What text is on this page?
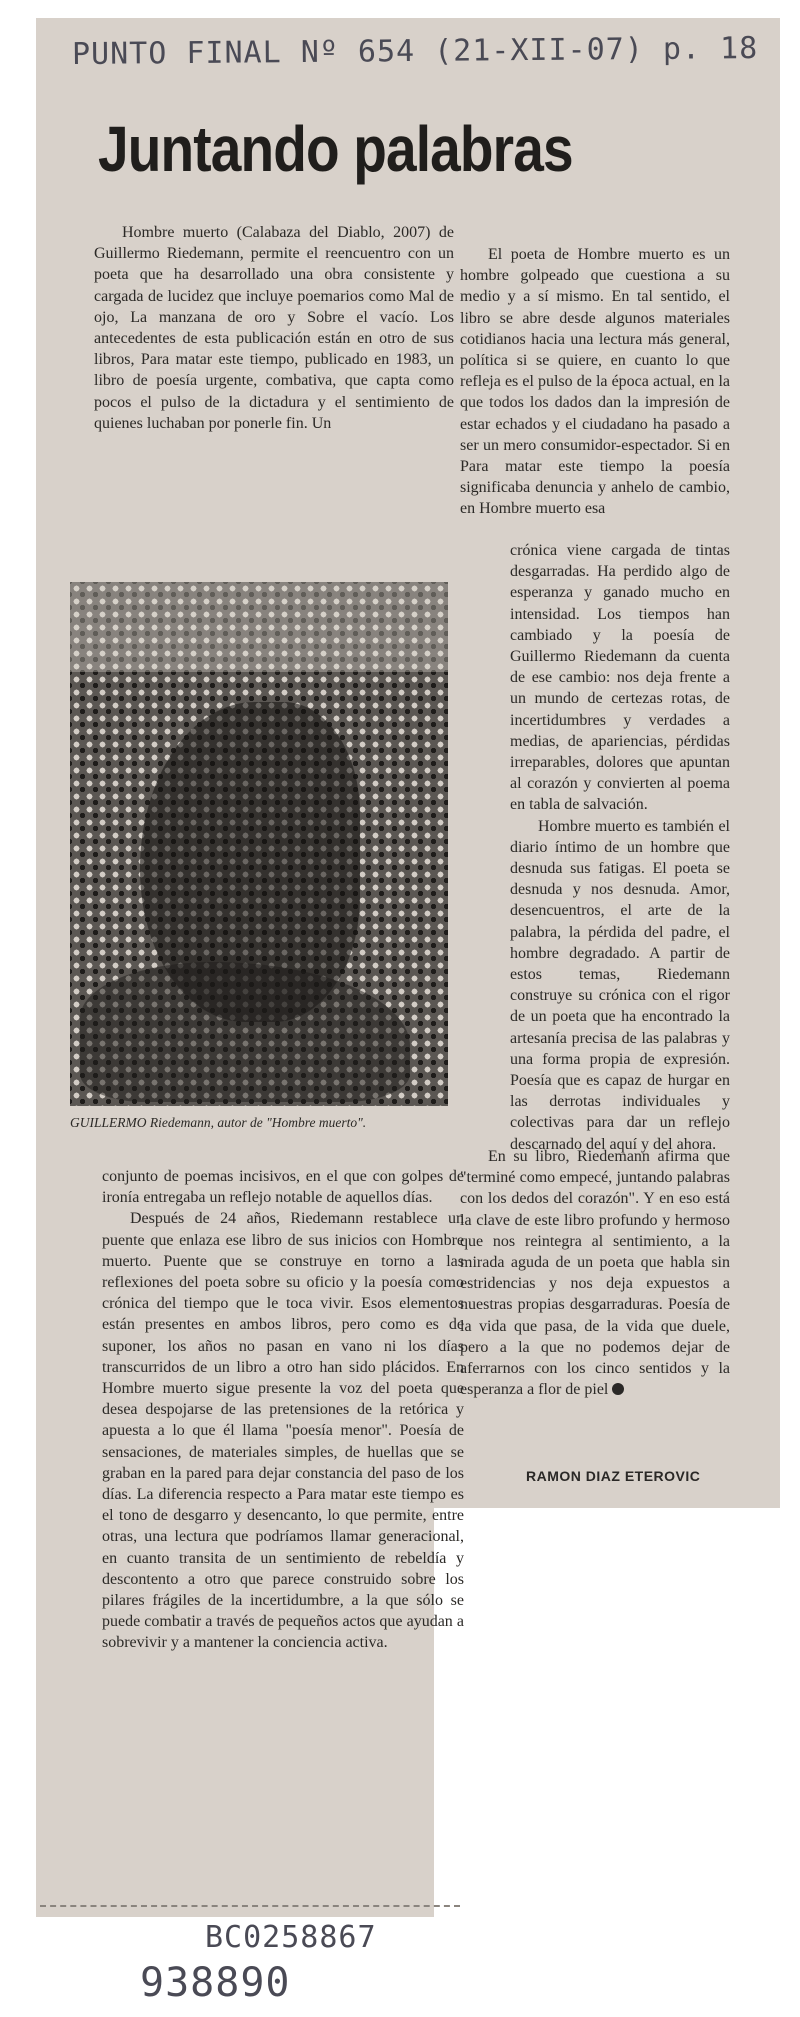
PUNTO FINAL Nº 654 (21-XII-07) p. 18
Juntando palabras

Hombre muerto (Calabaza del Diablo, 2007) de Guillermo Riedemann, permite el reencuentro con un poeta que ha desarrollado una obra consistente y cargada de lucidez que incluye poemarios como Mal de ojo, La manzana de oro y Sobre el vacío. Los antecedentes de esta publicación están en otro de sus libros, Para matar este tiempo, publicado en 1983, un libro de poesía urgente, combativa, que capta como pocos el pulso de la dictadura y el sentimiento de quienes luchaban por ponerle fin. Un

El poeta de Hombre muerto es un hombre golpeado que cuestiona a su medio y a sí mismo. En tal sentido, el libro se abre desde algunos materiales cotidianos hacia una lectura más general, política si se quiere, en cuanto lo que refleja es el pulso de la época actual, en la que todos los dados dan la impresión de estar echados y el ciudadano ha pasado a ser un mero consumidor-espectador. Si en Para matar este tiempo la poesía significaba denuncia y anhelo de cambio, en Hombre muerto esa

crónica viene cargada de tintas desgarradas. Ha perdido algo de esperanza y ganado mucho en intensidad. Los tiempos han cambiado y la poesía de Guillermo Riedemann da cuenta de ese cambio: nos deja frente a un mundo de certezas rotas, de incertidumbres y verdades a medias, de apariencias, pérdidas irreparables, dolores que apuntan al corazón y convierten al poema en tabla de salvación.

Hombre muerto es también el diario íntimo de un hombre que desnuda sus fatigas. El poeta se desnuda y nos desnuda. Amor, desencuentros, el arte de la palabra, la pérdida del padre, el hombre degradado. A partir de estos temas, Riedemann construye su crónica con el rigor de un poeta que ha encontrado la artesanía precisa de las palabras y una forma propia de expresión. Poesía que es capaz de hurgar en las derrotas individuales y colectivas para dar un reflejo descarnado del aquí y del ahora.

GUILLERMO Riedemann, autor de "Hombre muerto".

conjunto de poemas incisivos, en el que con golpes de ironía entregaba un reflejo notable de aquellos días.

Después de 24 años, Riedemann restablece un puente que enlaza ese libro de sus inicios con Hombre muerto. Puente que se construye en torno a las reflexiones del poeta sobre su oficio y la poesía como crónica del tiempo que le toca vivir. Esos elementos están presentes en ambos libros, pero como es de suponer, los años no pasan en vano ni los días transcurridos de un libro a otro han sido plácidos. En Hombre muerto sigue presente la voz del poeta que desea despojarse de las pretensiones de la retórica y apuesta a lo que él llama "poesía menor". Poesía de sensaciones, de materiales simples, de huellas que se graban en la pared para dejar constancia del paso de los días. La diferencia respecto a Para matar este tiempo es el tono de desgarro y desencanto, lo que permite, entre otras, una lectura que podríamos llamar generacional, en cuanto transita de un sentimiento de rebeldía y descontento a otro que parece construido sobre los pilares frágiles de la incertidumbre, a la que sólo se puede combatir a través de pequeños actos que ayudan a sobrevivir y a mantener la conciencia activa.

En su libro, Riedemann afirma que "terminé como empecé, juntando palabras con los dedos del corazón". Y en eso está la clave de este libro profundo y hermoso que nos reintegra al sentimiento, a la mirada aguda de un poeta que habla sin estridencias y nos deja expuestos a nuestras propias desgarraduras. Poesía de la vida que pasa, de la vida que duele, pero a la que no podemos dejar de aferrarnos con los cinco sentidos y la esperanza a flor de piel

RAMON DIAZ ETEROVIC
BC0258867
938890
